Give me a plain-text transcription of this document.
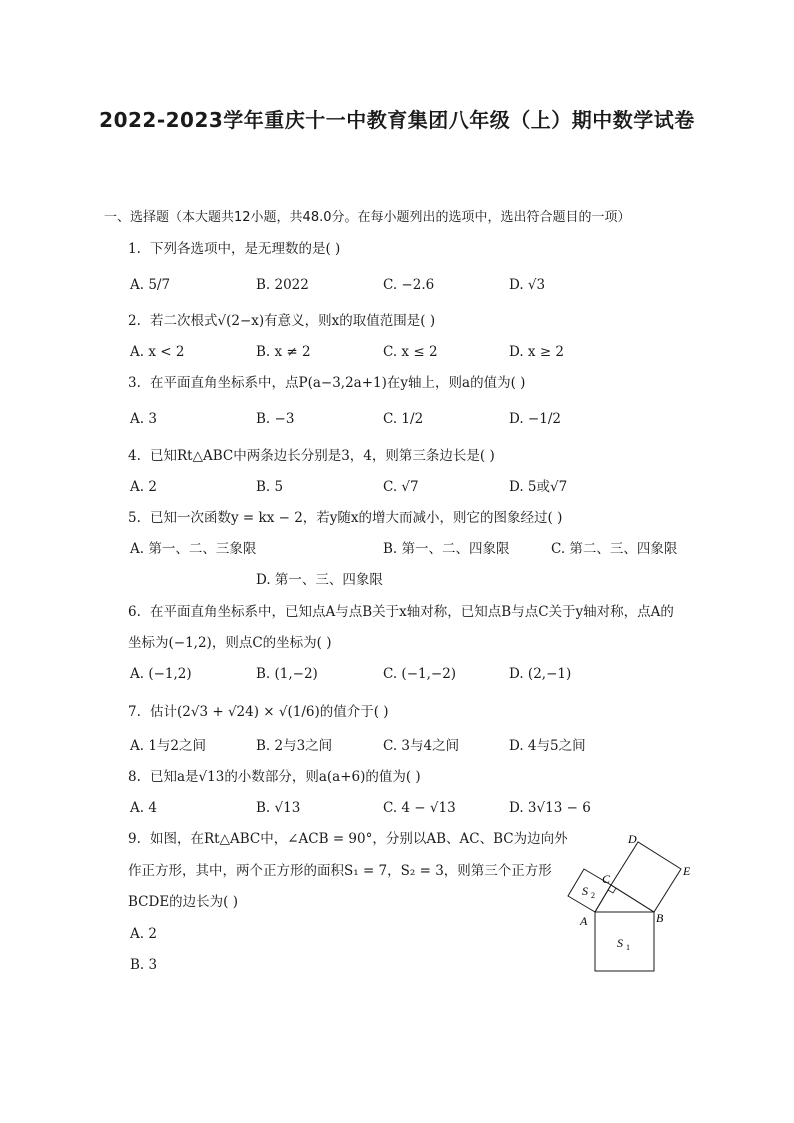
2022-2023学年重庆十一中教育集团八年级（上）期中数学试卷
一、选择题（本大题共12小题，共48.0分。在每小题列出的选项中，选出符合题目的一项）
1. 下列各选项中，是无理数的是( )
A. 5/7	B. 2022	C. −2.6	D. √3
2. 若二次根式√(2−x)有意义，则x的取值范围是( )
A. x < 2	B. x ≠ 2	C. x ≤ 2	D. x ≥ 2
3. 在平面直角坐标系中，点P(a−3,2a+1)在y轴上，则a的值为( )
A. 3	B. −3	C. 1/2	D. −1/2
4. 已知Rt△ABC中两条边长分别是3，4，则第三条边长是( )
A. 2	B. 5	C. √7	D. 5或√7
5. 已知一次函数y = kx − 2，若y随x的增大而减小，则它的图象经过( )
A. 第一、二、三象限	B. 第一、二、四象限	C. 第二、三、四象限
D. 第一、三、四象限
6. 在平面直角坐标系中，已知点A与点B关于x轴对称，已知点B与点C关于y轴对称，点A的
坐标为(−1,2)，则点C的坐标为( )
A. (−1,2)	B. (1,−2)	C. (−1,−2)	D. (2,−1)
7. 估计(2√3 + √24) × √(1/6)的值介于( )
A. 1与2之间	B. 2与3之间	C. 3与4之间	D. 4与5之间
8. 已知a是√13的小数部分，则a(a+6)的值为( )
A. 4	B. √13	C. 4 − √13	D. 3√13 − 6
9. 如图，在Rt△ABC中，∠ACB = 90°，分别以AB、AC、BC为边向外
作正方形，其中，两个正方形的面积S₁ = 7，S₂ = 3，则第三个正方形
BCDE的边长为( )
A. 2
B. 3
D
E
C
A	B
S 1
S 2
